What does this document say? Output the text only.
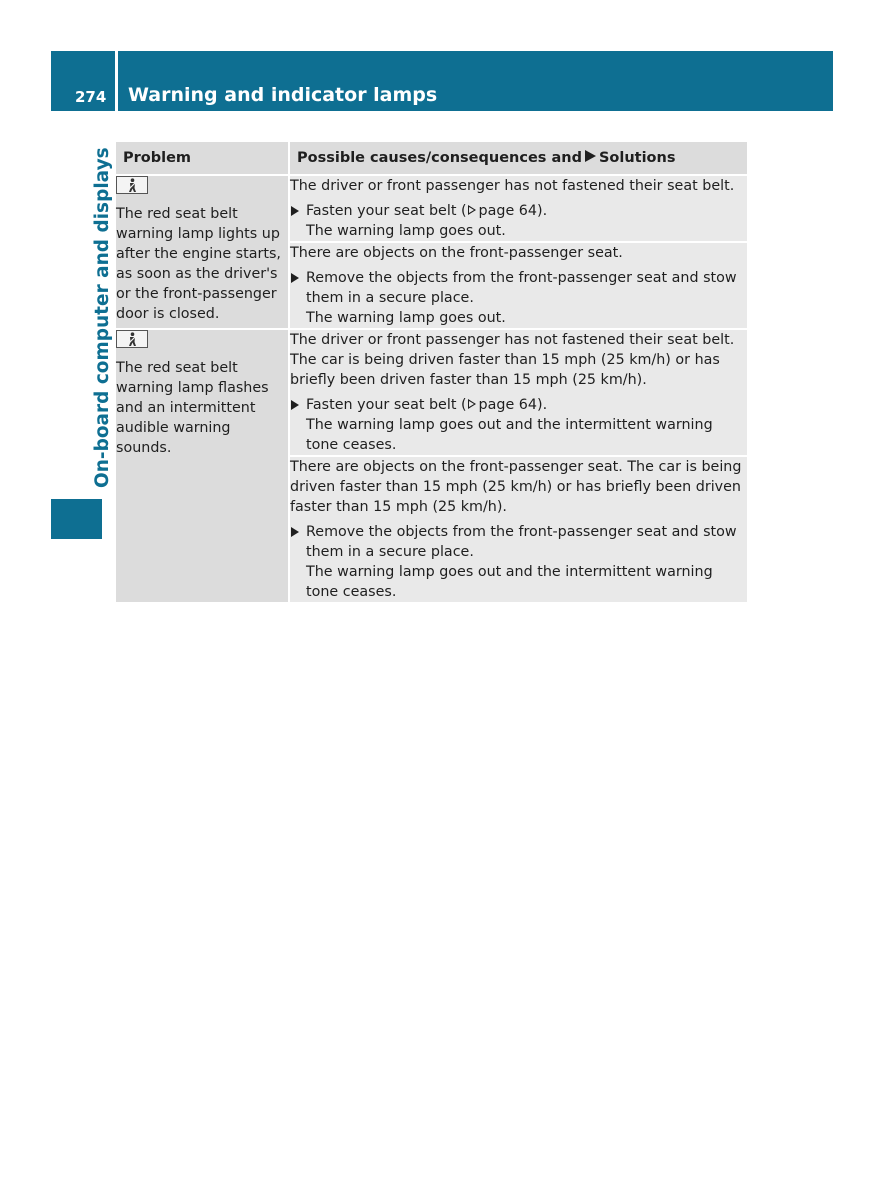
274 Warning and indicator lamps
On-board computer and displays Problem	Possible causes/consequences and Solutions

The red seat belt warning lamp lights up after the engine starts, as soon as the driver's or the front-passenger door is closed.	The driver or front passenger has not fastened their seat belt.
Fasten your seat belt ( page 64).
The warning lamp goes out.

	There are objects on the front-passenger seat.
Remove the objects from the front-passenger seat and stow them in a secure place.
The warning lamp goes out.

The red seat belt warning lamp flashes and an intermittent audible warning sounds.	The driver or front passenger has not fastened their seat belt. The car is being driven faster than 15 mph (25 km/h) or has briefly been driven faster than 15 mph (25 km/h).
Fasten your seat belt ( page 64).
The warning lamp goes out and the intermittent warning tone ceases.

	There are objects on the front-passenger seat. The car is being driven faster than 15 mph (25 km/h) or has briefly been driven faster than 15 mph (25 km/h).
Remove the objects from the front-passenger seat and stow them in a secure place.
The warning lamp goes out and the intermittent warning tone ceases.
